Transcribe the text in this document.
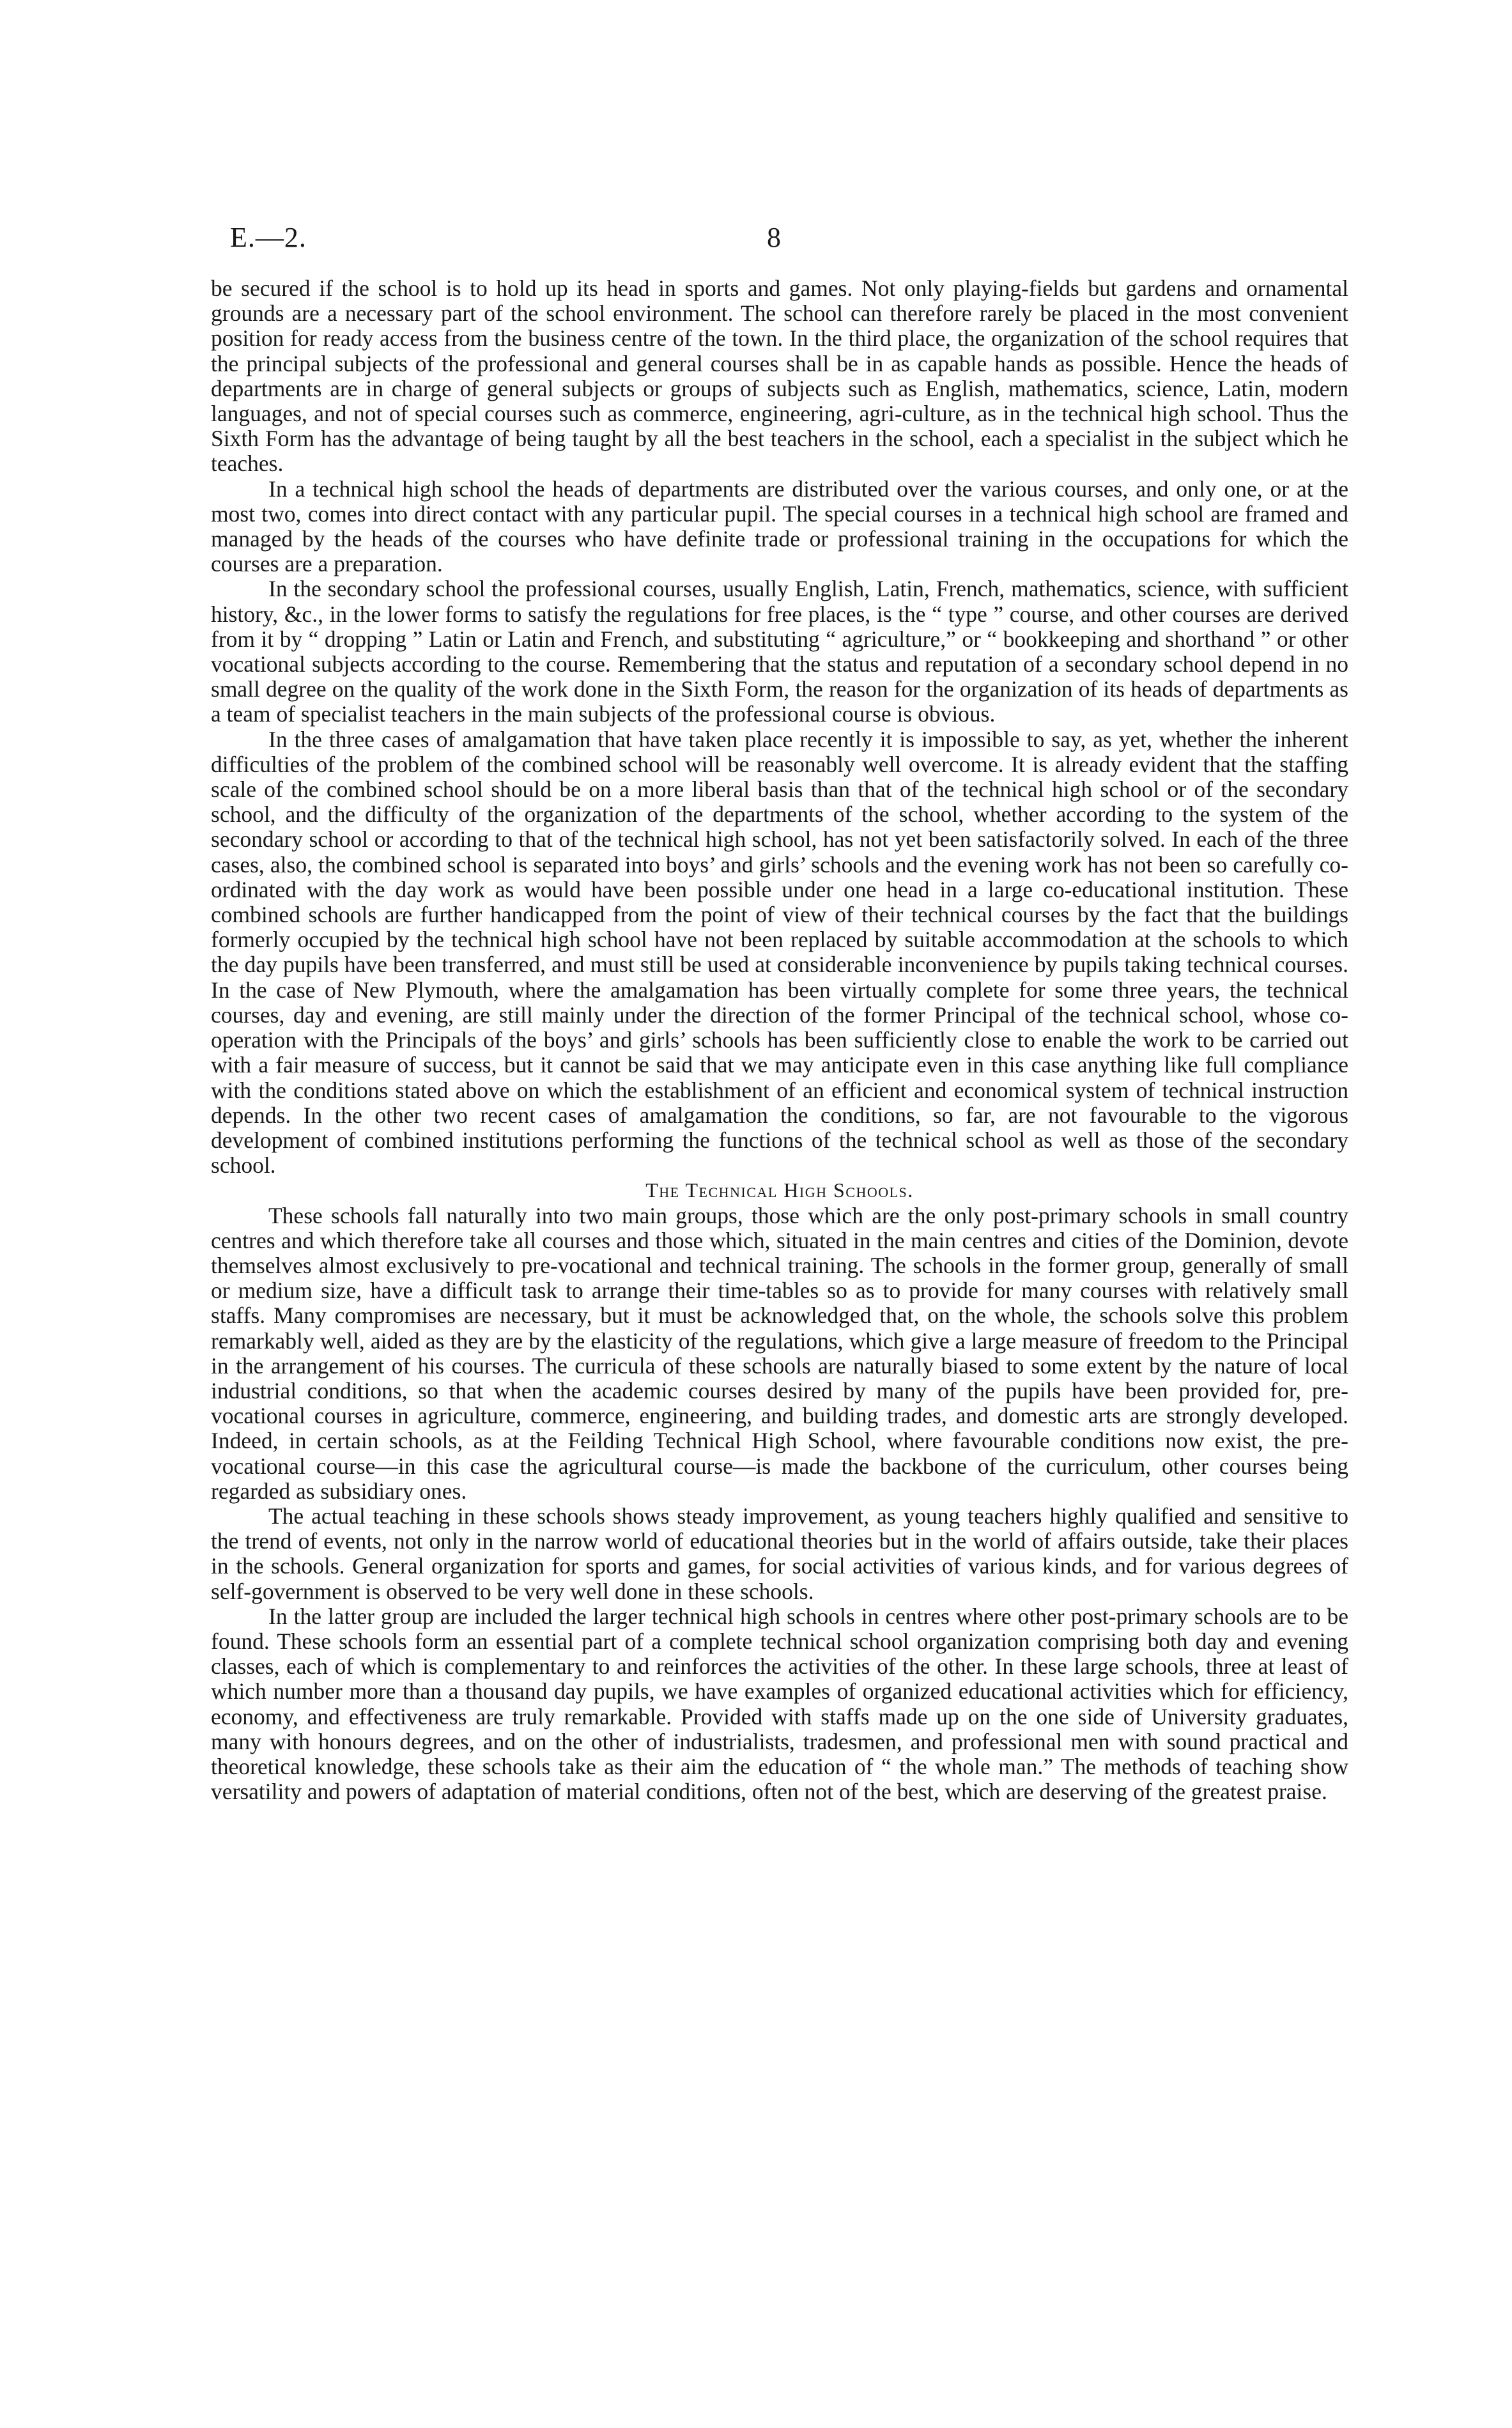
E.—2.	8

be secured if the school is to hold up its head in sports and games. Not only playing-fields but gardens and ornamental grounds are a necessary part of the school environment. The school can therefore rarely be placed in the most convenient position for ready access from the business centre of the town. In the third place, the organization of the school requires that the principal subjects of the professional and general courses shall be in as capable hands as possible. Hence the heads of departments are in charge of general subjects or groups of subjects such as English, mathematics, science, Latin, modern languages, and not of special courses such as commerce, engineering, agri-culture, as in the technical high school. Thus the Sixth Form has the advantage of being taught by all the best teachers in the school, each a specialist in the subject which he teaches.

In a technical high school the heads of departments are distributed over the various courses, and only one, or at the most two, comes into direct contact with any particular pupil. The special courses in a technical high school are framed and managed by the heads of the courses who have definite trade or professional training in the occupations for which the courses are a preparation.

In the secondary school the professional courses, usually English, Latin, French, mathematics, science, with sufficient history, &c., in the lower forms to satisfy the regulations for free places, is the “ type ” course, and other courses are derived from it by “ dropping ” Latin or Latin and French, and substituting “ agriculture,” or “ bookkeeping and shorthand ” or other vocational subjects according to the course. Remembering that the status and reputation of a secondary school depend in no small degree on the quality of the work done in the Sixth Form, the reason for the organization of its heads of departments as a team of specialist teachers in the main subjects of the professional course is obvious.

In the three cases of amalgamation that have taken place recently it is impossible to say, as yet, whether the inherent difficulties of the problem of the combined school will be reasonably well overcome. It is already evident that the staffing scale of the combined school should be on a more liberal basis than that of the technical high school or of the secondary school, and the difficulty of the organization of the departments of the school, whether according to the system of the secondary school or according to that of the technical high school, has not yet been satisfactorily solved. In each of the three cases, also, the combined school is separated into boys’ and girls’ schools and the evening work has not been so carefully co-ordinated with the day work as would have been possible under one head in a large co-educational institution. These combined schools are further handicapped from the point of view of their technical courses by the fact that the buildings formerly occupied by the technical high school have not been replaced by suitable accommodation at the schools to which the day pupils have been transferred, and must still be used at considerable inconvenience by pupils taking technical courses. In the case of New Plymouth, where the amalgamation has been virtually complete for some three years, the technical courses, day and evening, are still mainly under the direction of the former Principal of the technical school, whose co-operation with the Principals of the boys’ and girls’ schools has been sufficiently close to enable the work to be carried out with a fair measure of success, but it cannot be said that we may anticipate even in this case anything like full compliance with the conditions stated above on which the establishment of an efficient and economical system of technical instruction depends. In the other two recent cases of amalgamation the conditions, so far, are not favourable to the vigorous development of combined institutions performing the functions of the technical school as well as those of the secondary school.

The Technical High Schools.

These schools fall naturally into two main groups, those which are the only post-primary schools in small country centres and which therefore take all courses and those which, situated in the main centres and cities of the Dominion, devote themselves almost exclusively to pre-vocational and technical training. The schools in the former group, generally of small or medium size, have a difficult task to arrange their time-tables so as to provide for many courses with relatively small staffs. Many compromises are necessary, but it must be acknowledged that, on the whole, the schools solve this problem remarkably well, aided as they are by the elasticity of the regulations, which give a large measure of freedom to the Principal in the arrangement of his courses. The curricula of these schools are naturally biased to some extent by the nature of local industrial conditions, so that when the academic courses desired by many of the pupils have been provided for, pre-vocational courses in agriculture, commerce, engineering, and building trades, and domestic arts are strongly developed. Indeed, in certain schools, as at the Feilding Technical High School, where favourable conditions now exist, the pre-vocational course—in this case the agricultural course—is made the backbone of the curriculum, other courses being regarded as subsidiary ones.

The actual teaching in these schools shows steady improvement, as young teachers highly qualified and sensitive to the trend of events, not only in the narrow world of educational theories but in the world of affairs outside, take their places in the schools. General organization for sports and games, for social activities of various kinds, and for various degrees of self-government is observed to be very well done in these schools.

In the latter group are included the larger technical high schools in centres where other post-primary schools are to be found. These schools form an essential part of a complete technical school organization comprising both day and evening classes, each of which is complementary to and reinforces the activities of the other. In these large schools, three at least of which number more than a thousand day pupils, we have examples of organized educational activities which for efficiency, economy, and effectiveness are truly remarkable. Provided with staffs made up on the one side of University graduates, many with honours degrees, and on the other of industrialists, tradesmen, and professional men with sound practical and theoretical knowledge, these schools take as their aim the education of “ the whole man.” The methods of teaching show versatility and powers of adaptation of material conditions, often not of the best, which are deserving of the greatest praise.
